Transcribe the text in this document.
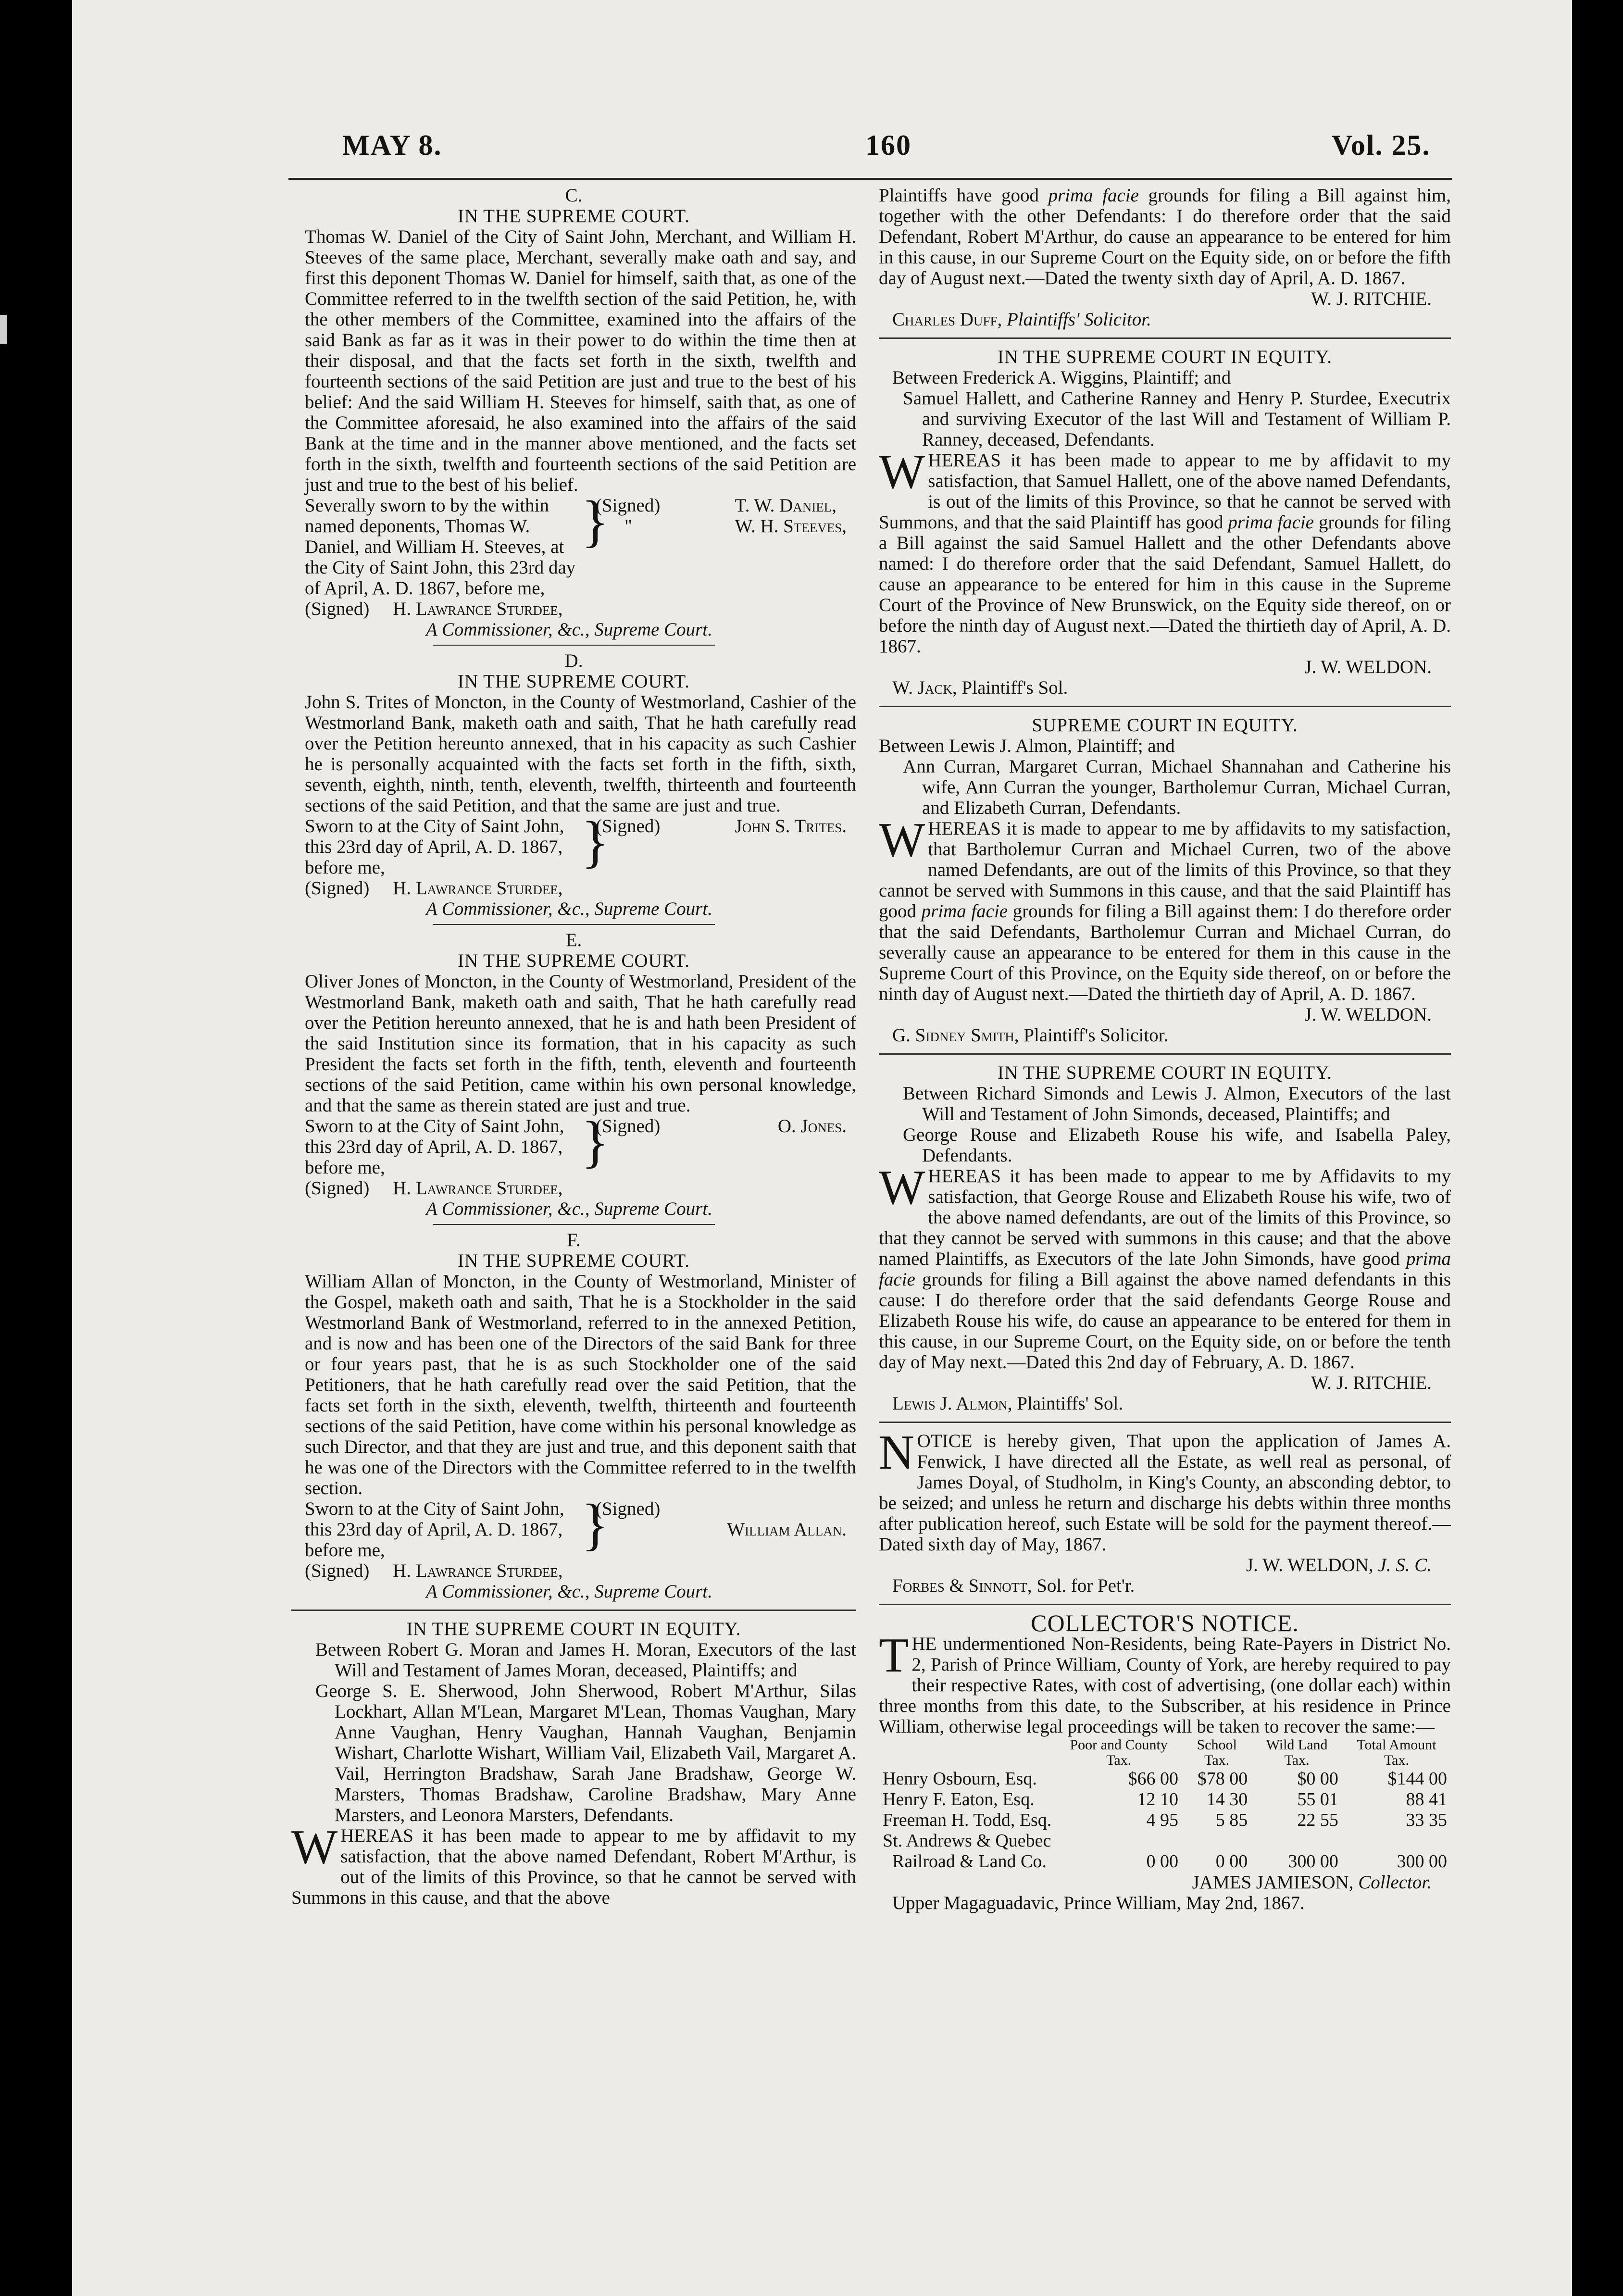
MAY 8.	160	Vol. 25.

C.

IN THE SUPREME COURT.

Thomas W. Daniel of the City of Saint John, Merchant, and William H. Steeves of the same place, Merchant, severally make oath and say, and first this deponent Thomas W. Daniel for himself, saith that, as one of the Committee referred to in the twelfth section of the said Petition, he, with the other members of the Committee, examined into the affairs of the said Bank as far as it was in their power to do within the time then at their disposal, and that the facts set forth in the sixth, twelfth and fourteenth sections of the said Petition are just and true to the best of his belief: And the said William H. Steeves for himself, saith that, as one of the Committee aforesaid, he also examined into the affairs of the said Bank at the time and in the manner above mentioned, and the facts set forth in the sixth, twelfth and fourteenth sections of the said Petition are just and true to the best of his belief.

Severally sworn to by the within named deponents, Thomas W. Daniel, and William H. Steeves, at the City of Saint John, this 23rd day of April, A. D. 1867, before me,
}
(Signed)
"
T. W. Daniel,
W. H. Steeves,

(Signed) H. Lawrance Sturdee,

A Commissioner, &c., Supreme Court.

D.

IN THE SUPREME COURT.

John S. Trites of Moncton, in the County of Westmorland, Cashier of the Westmorland Bank, maketh oath and saith, That he hath carefully read over the Petition hereunto annexed, that in his capacity as such Cashier he is personally acquainted with the facts set forth in the fifth, sixth, seventh, eighth, ninth, tenth, eleventh, twelfth, thirteenth and fourteenth sections of the said Petition, and that the same are just and true.

Sworn to at the City of Saint John, this 23rd day of April, A. D. 1867, before me,	}
(Signed)	John S. Trites.

(Signed) H. Lawrance Sturdee,

A Commissioner, &c., Supreme Court.

E.

IN THE SUPREME COURT.

Oliver Jones of Moncton, in the County of Westmorland, President of the Westmorland Bank, maketh oath and saith, That he hath carefully read over the Petition hereunto annexed, that he is and hath been President of the said Institution since its formation, that in his capacity as such President the facts set forth in the fifth, tenth, eleventh and fourteenth sections of the said Petition, came within his own personal knowledge, and that the same as therein stated are just and true.

Sworn to at the City of Saint John, this 23rd day of April, A. D. 1867, before me,	}
(Signed)	O. Jones.

(Signed) H. Lawrance Sturdee,

A Commissioner, &c., Supreme Court.

F.

IN THE SUPREME COURT.

William Allan of Moncton, in the County of Westmorland, Minister of the Gospel, maketh oath and saith, That he is a Stockholder in the said Westmorland Bank of Westmorland, referred to in the annexed Petition, and is now and has been one of the Directors of the said Bank for three or four years past, that he is as such Stockholder one of the said Petitioners, that he hath carefully read over the said Petition, that the facts set forth in the sixth, eleventh, twelfth, thirteenth and fourteenth sections of the said Petition, have come within his personal knowledge as such Director, and that they are just and true, and this deponent saith that he was one of the Directors with the Committee referred to in the twelfth section.

Sworn to at the City of Saint John, this 23rd day of April, A. D. 1867, before me,	}
(Signed)
William Allan.

(Signed) H. Lawrance Sturdee,

A Commissioner, &c., Supreme Court.

IN THE SUPREME COURT IN EQUITY.

Between Robert G. Moran and James H. Moran, Executors of the last Will and Testament of James Moran, deceased, Plaintiffs; and

George S. E. Sherwood, John Sherwood, Robert M'Arthur, Silas Lockhart, Allan M'Lean, Margaret M'Lean, Thomas Vaughan, Mary Anne Vaughan, Henry Vaughan, Hannah Vaughan, Benjamin Wishart, Charlotte Wishart, William Vail, Elizabeth Vail, Margaret A. Vail, Herrington Bradshaw, Sarah Jane Bradshaw, George W. Marsters, Thomas Bradshaw, Caroline Bradshaw, Mary Anne Marsters, and Leonora Marsters, Defendants.

WHEREAS it has been made to appear to me by affidavit to my satisfaction, that the above named Defendant, Robert M'Arthur, is out of the limits of this Province, so that he cannot be served with Summons in this cause, and that the above

Plaintiffs have good prima facie grounds for filing a Bill against him, together with the other Defendants: I do therefore order that the said Defendant, Robert M'Arthur, do cause an appearance to be entered for him in this cause, in our Supreme Court on the Equity side, on or before the fifth day of August next.—Dated the twenty sixth day of April, A. D. 1867.

W. J. RITCHIE.

Charles Duff, Plaintiffs' Solicitor.

IN THE SUPREME COURT IN EQUITY.

Between Frederick A. Wiggins, Plaintiff; and

Samuel Hallett, and Catherine Ranney and Henry P. Sturdee, Executrix and surviving Executor of the last Will and Testament of William P. Ranney, deceased, Defendants.

WHEREAS it has been made to appear to me by affidavit to my satisfaction, that Samuel Hallett, one of the above named Defendants, is out of the limits of this Province, so that he cannot be served with Summons, and that the said Plaintiff has good prima facie grounds for filing a Bill against the said Samuel Hallett and the other Defendants above named: I do therefore order that the said Defendant, Samuel Hallett, do cause an appearance to be entered for him in this cause in the Supreme Court of the Province of New Brunswick, on the Equity side thereof, on or before the ninth day of August next.—Dated the thirtieth day of April, A. D. 1867.

J. W. WELDON.

W. Jack, Plaintiff's Sol.

SUPREME COURT IN EQUITY.

Between Lewis J. Almon, Plaintiff; and

Ann Curran, Margaret Curran, Michael Shannahan and Catherine his wife, Ann Curran the younger, Bartholemur Curran, Michael Curran, and Elizabeth Curran, Defendants.

WHEREAS it is made to appear to me by affidavits to my satisfaction, that Bartholemur Curran and Michael Curren, two of the above named Defendants, are out of the limits of this Province, so that they cannot be served with Summons in this cause, and that the said Plaintiff has good prima facie grounds for filing a Bill against them: I do therefore order that the said Defendants, Bartholemur Curran and Michael Curran, do severally cause an appearance to be entered for them in this cause in the Supreme Court of this Province, on the Equity side thereof, on or before the ninth day of August next.—Dated the thirtieth day of April, A. D. 1867.

J. W. WELDON.

G. Sidney Smith, Plaintiff's Solicitor.

IN THE SUPREME COURT IN EQUITY.

Between Richard Simonds and Lewis J. Almon, Executors of the last Will and Testament of John Simonds, deceased, Plaintiffs; and

George Rouse and Elizabeth Rouse his wife, and Isabella Paley, Defendants.

WHEREAS it has been made to appear to me by Affidavits to my satisfaction, that George Rouse and Elizabeth Rouse his wife, two of the above named defendants, are out of the limits of this Province, so that they cannot be served with summons in this cause; and that the above named Plaintiffs, as Executors of the late John Simonds, have good prima facie grounds for filing a Bill against the above named defendants in this cause: I do therefore order that the said defendants George Rouse and Elizabeth Rouse his wife, do cause an appearance to be entered for them in this cause, in our Supreme Court, on the Equity side, on or before the tenth day of May next.—Dated this 2nd day of February, A. D. 1867.

W. J. RITCHIE.

Lewis J. Almon, Plaintiffs' Sol.

NOTICE is hereby given, That upon the application of James A. Fenwick, I have directed all the Estate, as well real as personal, of James Doyal, of Studholm, in King's County, an absconding debtor, to be seized; and unless he return and discharge his debts within three months after publication hereof, such Estate will be sold for the payment thereof.—Dated sixth day of May, 1867.

J. W. WELDON, J. S. C.

Forbes & Sinnott, Sol. for Pet'r.

COLLECTOR'S NOTICE.

THE undermentioned Non-Residents, being Rate-Payers in District No. 2, Parish of Prince William, County of York, are hereby required to pay their respective Rates, with cost of advertising, (one dollar each) within three months from this date, to the Subscriber, at his residence in Prince William, otherwise legal proceedings will be taken to recover the same:—

	Poor and County Tax.	School Tax.	Wild Land Tax.	Total Amount Tax.
Henry Osbourn, Esq.	$66 00	$78 00	$0 00	$144 00
Henry F. Eaton, Esq.	12 10	14 30	55 01	88 41
Freeman H. Todd, Esq.	4 95	5 85	22 55	33 35
St. Andrews & Quebec				
Railroad & Land Co.	0 00	0 00	300 00	300 00

JAMES JAMIESON, Collector.

Upper Magaguadavic, Prince William, May 2nd, 1867.
